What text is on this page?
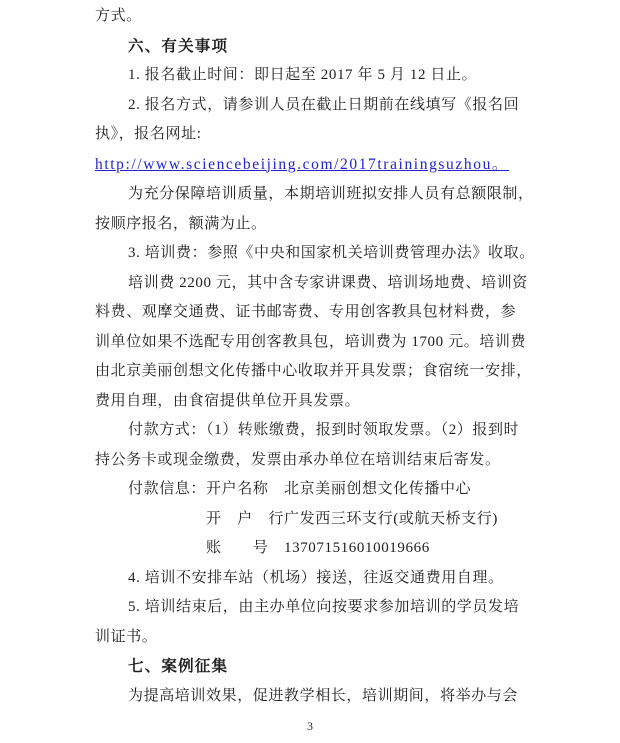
方式。
六、有关事项
1. 报名截止时间：即日起至 2017 年 5 月 12 日止。
2. 报名方式，请参训人员在截止日期前在线填写《报名回
执》，报名网址:
http://www.sciencebeijing.com/2017trainingsuzhou。
为充分保障培训质量，本期培训班拟安排人员有总额限制，
按顺序报名，额满为止。
3. 培训费：参照《中央和国家机关培训费管理办法》收取。
培训费 2200 元，其中含专家讲课费、培训场地费、培训资
料费、观摩交通费、证书邮寄费、专用创客教具包材料费，参
训单位如果不选配专用创客教具包，培训费为 1700 元。培训费
由北京美丽创想文化传播中心收取并开具发票；食宿统一安排，
费用自理，由食宿提供单位开具发票。
付款方式：（1）转账缴费，报到时领取发票。（2）报到时
持公务卡或现金缴费，发票由承办单位在培训结束后寄发。
付款信息：开户名称 北京美丽创想文化传播中心
开　户　行广发西三环支行(或航天桥支行)
账　　号 137071516010019666
4. 培训不安排车站（机场）接送，往返交通费用自理。
5. 培训结束后，由主办单位向按要求参加培训的学员发培
训证书。
七、案例征集
为提高培训效果，促进教学相长，培训期间，将举办与会
3
